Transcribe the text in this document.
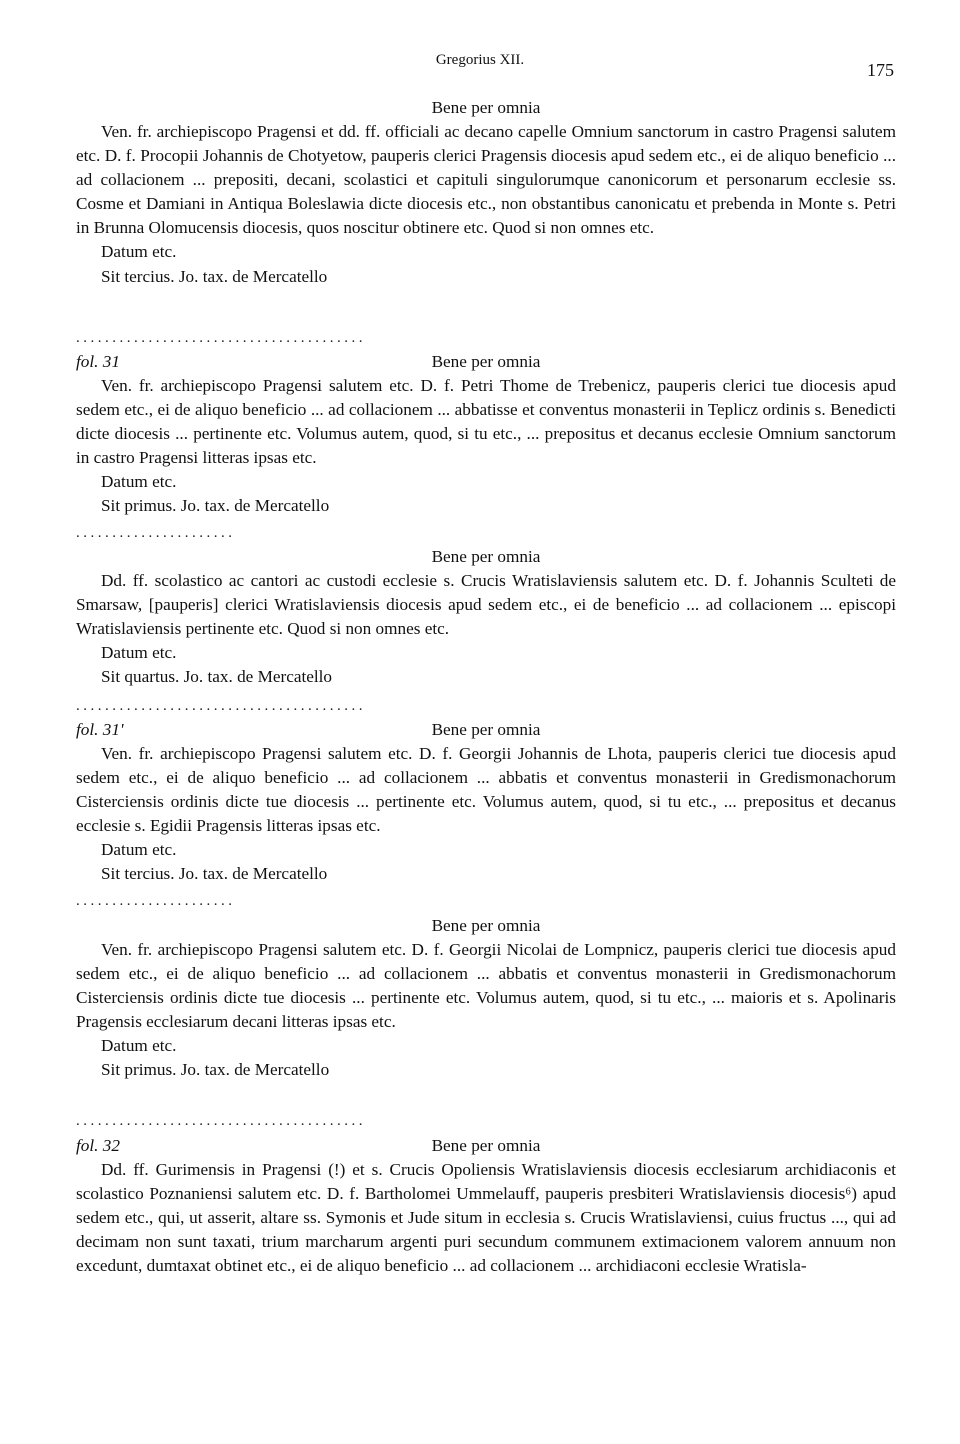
Gregorius XII.	175
Bene per omnia
Ven. fr. archiepiscopo Pragensi et dd. ff. officiali ac decano capelle Omnium sanctorum in castro Pragensi salutem etc. D. f. Procopii Johannis de Chotyetow, pauperis clerici Pragensis diocesis apud sedem etc., ei de aliquo beneficio ... ad collacionem ... prepositi, decani, scolastici et capituli singulorumque canonicorum et personarum ecclesie ss. Cosme et Damiani in Antiqua Boleslawia dicte diocesis etc., non obstantibus canonicatu et prebenda in Monte s. Petri in Brunna Olomucensis diocesis, quos noscitur obtinere etc. Quod si non omnes etc.
Datum etc.
Sit tercius. Jo. tax. de Mercatello
........................................
fol. 31	Bene per omnia
Ven. fr. archiepiscopo Pragensi salutem etc. D. f. Petri Thome de Trebenicz, pauperis clerici tue diocesis apud sedem etc., ei de aliquo beneficio ... ad collacionem ... abbatisse et conventus monasterii in Teplicz ordinis s. Benedicti dicte diocesis ... pertinente etc. Volumus autem, quod, si tu etc., ... prepositus et decanus ecclesie Omnium sanctorum in castro Pragensi litteras ipsas etc.
Datum etc.
Sit primus. Jo. tax. de Mercatello
......................
Bene per omnia
Dd. ff. scolastico ac cantori ac custodi ecclesie s. Crucis Wratislaviensis salutem etc. D. f. Johannis Sculteti de Smarsaw, [pauperis] clerici Wratislaviensis diocesis apud sedem etc., ei de beneficio ... ad collacionem ... episcopi Wratislaviensis pertinente etc. Quod si non omnes etc.
Datum etc.
Sit quartus. Jo. tax. de Mercatello
........................................
fol. 31'	Bene per omnia
Ven. fr. archiepiscopo Pragensi salutem etc. D. f. Georgii Johannis de Lhota, pauperis clerici tue diocesis apud sedem etc., ei de aliquo beneficio ... ad collacionem ... abbatis et conventus monasterii in Gredismonachorum Cisterciensis ordinis dicte tue diocesis ... pertinente etc. Volumus autem, quod, si tu etc., ... prepositus et decanus ecclesie s. Egidii Pragensis litteras ipsas etc.
Datum etc.
Sit tercius. Jo. tax. de Mercatello
......................
Bene per omnia
Ven. fr. archiepiscopo Pragensi salutem etc. D. f. Georgii Nicolai de Lompnicz, pauperis clerici tue diocesis apud sedem etc., ei de aliquo beneficio ... ad collacionem ... abbatis et conventus monasterii in Gredismonachorum Cisterciensis ordinis dicte tue diocesis ... pertinente etc. Volumus autem, quod, si tu etc., ... maioris et s. Apolinaris Pragensis ecclesiarum decani litteras ipsas etc.
Datum etc.
Sit primus. Jo. tax. de Mercatello
........................................
fol. 32	Bene per omnia
Dd. ff. Gurimensis in Pragensi (!) et s. Crucis Opoliensis Wratislaviensis diocesis ecclesiarum archidiaconis et scolastico Poznaniensi salutem etc. D. f. Bartholomei Ummelauff, pauperis presbiteri Wratislaviensis diocesis⁶) apud sedem etc., qui, ut asserit, altare ss. Symonis et Jude situm in ecclesia s. Crucis Wratislaviensi, cuius fructus ..., qui ad decimam non sunt taxati, trium marcharum argenti puri secundum communem extimacionem valorem annuum non excedunt, dumtaxat obtinet etc., ei de aliquo beneficio ... ad collacionem ... archidiaconi ecclesie Wratisla-
